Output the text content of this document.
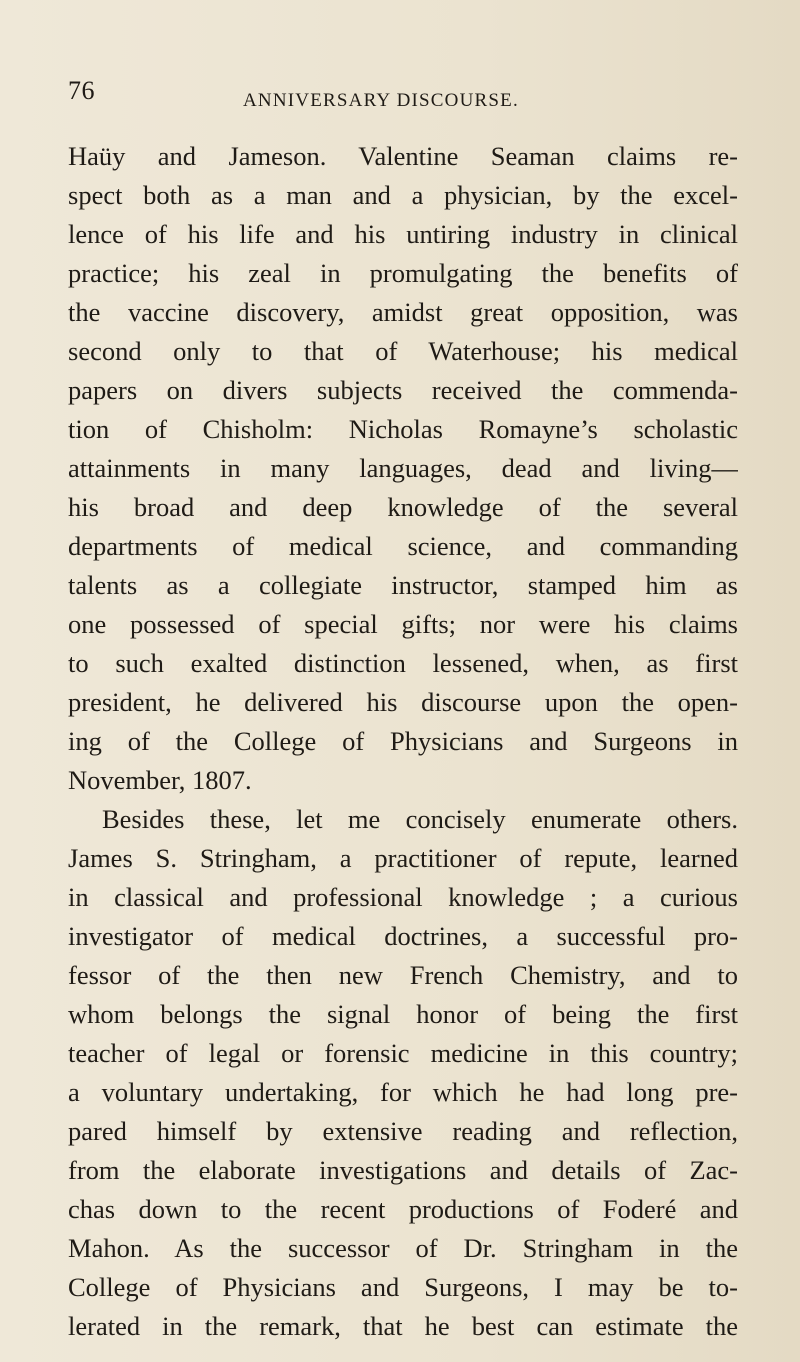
76	ANNIVERSARY DISCOURSE.
Haüy and Jameson. Valentine Seaman claims re-
spect both as a man and a physician, by the excel-
lence of his life and his untiring industry in clinical
practice; his zeal in promulgating the benefits of
the vaccine discovery, amidst great opposition, was
second only to that of Waterhouse; his medical
papers on divers subjects received the commenda-
tion of Chisholm: Nicholas Romayne’s scholastic
attainments in many languages, dead and living—
his broad and deep knowledge of the several
departments of medical science, and commanding
talents as a collegiate instructor, stamped him as
one possessed of special gifts; nor were his claims
to such exalted distinction lessened, when, as first
president, he delivered his discourse upon the open-
ing of the College of Physicians and Surgeons in
November, 1807.
Besides these, let me concisely enumerate others.
James S. Stringham, a practitioner of repute, learned
in classical and professional knowledge ; a curious
investigator of medical doctrines, a successful pro-
fessor of the then new French Chemistry, and to
whom belongs the signal honor of being the first
teacher of legal or forensic medicine in this country;
a voluntary undertaking, for which he had long pre-
pared himself by extensive reading and reflection,
from the elaborate investigations and details of Zac-
chas down to the recent productions of Foderé and
Mahon. As the successor of Dr. Stringham in the
College of Physicians and Surgeons, I may be to-
lerated in the remark, that he best can estimate the
